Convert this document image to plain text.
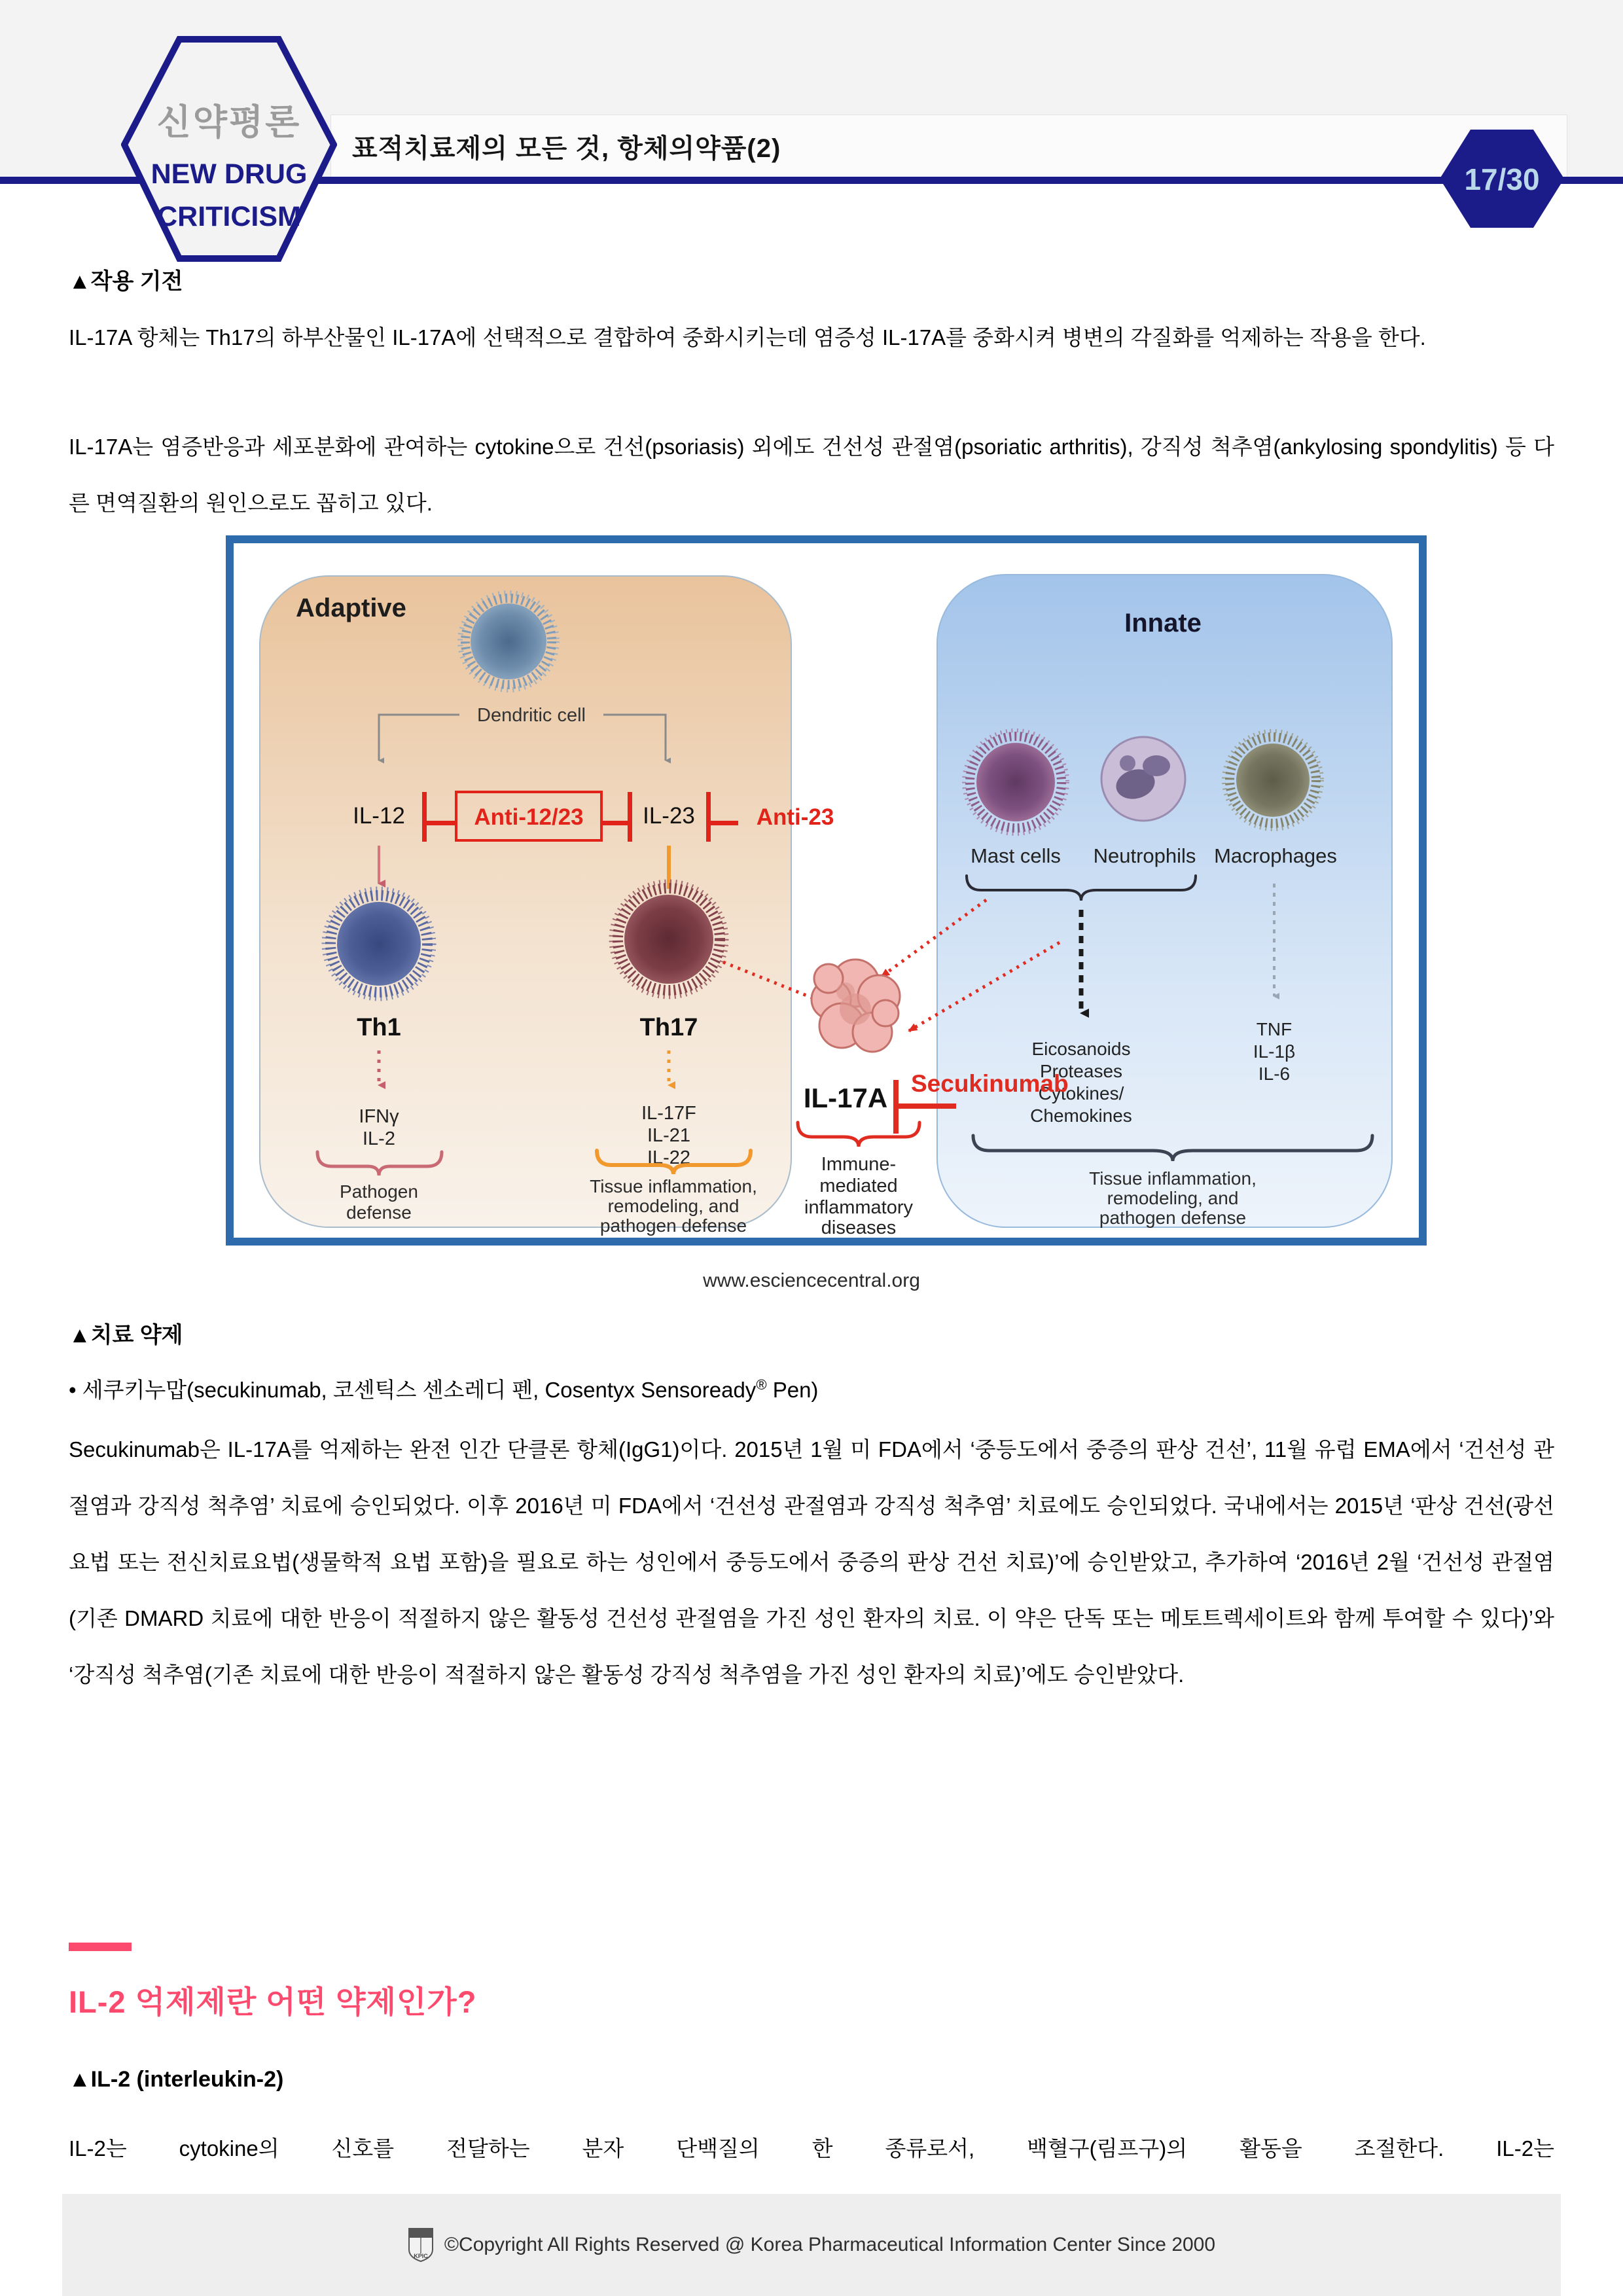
표적치료제의 모든 것, 항체의약품(2)
신약평론
NEW DRUG
CRITICISM
17/30
▲작용 기전
IL-17A 항체는 Th17의 하부산물인 IL-17A에 선택적으로 결합하여 중화시키는데 염증성 IL-17A를 중화시켜 병변의 각질화를 억제하는 작용을 한다.
IL-17A는 염증반응과 세포분화에 관여하는 cytokine으로 건선(psoriasis) 외에도 건선성 관절염(psoriatic arthritis), 강직성 척추염(ankylosing spondylitis) 등 다른 면역질환의 원인으로도 꼽히고 있다.
Adaptive
Innate
Dendritic cell
IL-12	Anti-12/23	IL-23	Anti-23
Th1	Th17
IFNγ
IL-2
IL-17F
IL-21
IL-22
Pathogen
defense
Tissue inflammation,
remodeling, and
pathogen defense
Mast cells Neutrophils Macrophages
Eicosanoids
Proteases
Cytokines/
Chemokines
TNF
IL-1β
IL-6
Tissue inflammation,
remodeling, and
pathogen defense
IL-17A Secukinumab
Immune-
mediated
inflammatory
diseases
www.esciencecentral.org
▲치료 약제
• 세쿠키누맙(secukinumab, 코센틱스 센소레디 펜, Cosentyx Sensoready® Pen)
Secukinumab은 IL-17A를 억제하는 완전 인간 단클론 항체(IgG1)이다. 2015년 1월 미 FDA에서 ‘중등도에서 중증의 판상 건선’, 11월 유럽 EMA에서 ‘건선성 관절염과 강직성 척추염’ 치료에 승인되었다. 이후 2016년 미 FDA에서 ‘건선성 관절염과 강직성 척추염’ 치료에도 승인되었다. 국내에서는 2015년 ‘판상 건선(광선요법 또는 전신치료요법(생물학적 요법 포함)을 필요로 하는 성인에서 중등도에서 중증의 판상 건선 치료)’에 승인받았고, 추가하여 ‘2016년 2월 ‘건선성 관절염(기존 DMARD 치료에 대한 반응이 적절하지 않은 활동성 건선성 관절염을 가진 성인 환자의 치료. 이 약은 단독 또는 메토트렉세이트와 함께 투여할 수 있다)’와 ‘강직성 척추염(기존 치료에 대한 반응이 적절하지 않은 활동성 강직성 척추염을 가진 성인 환자의 치료)’에도 승인받았다.
IL-2 억제제란 어떤 약제인가?
▲IL-2 (interleukin-2)
IL-2는 cytokine의 신호를 전달하는 분자 단백질의 한 종류로서, 백혈구(림프구)의 활동을 조절한다. IL-2는
KPIC
©Copyright All Rights Reserved @ Korea Pharmaceutical Information Center Since 2000
